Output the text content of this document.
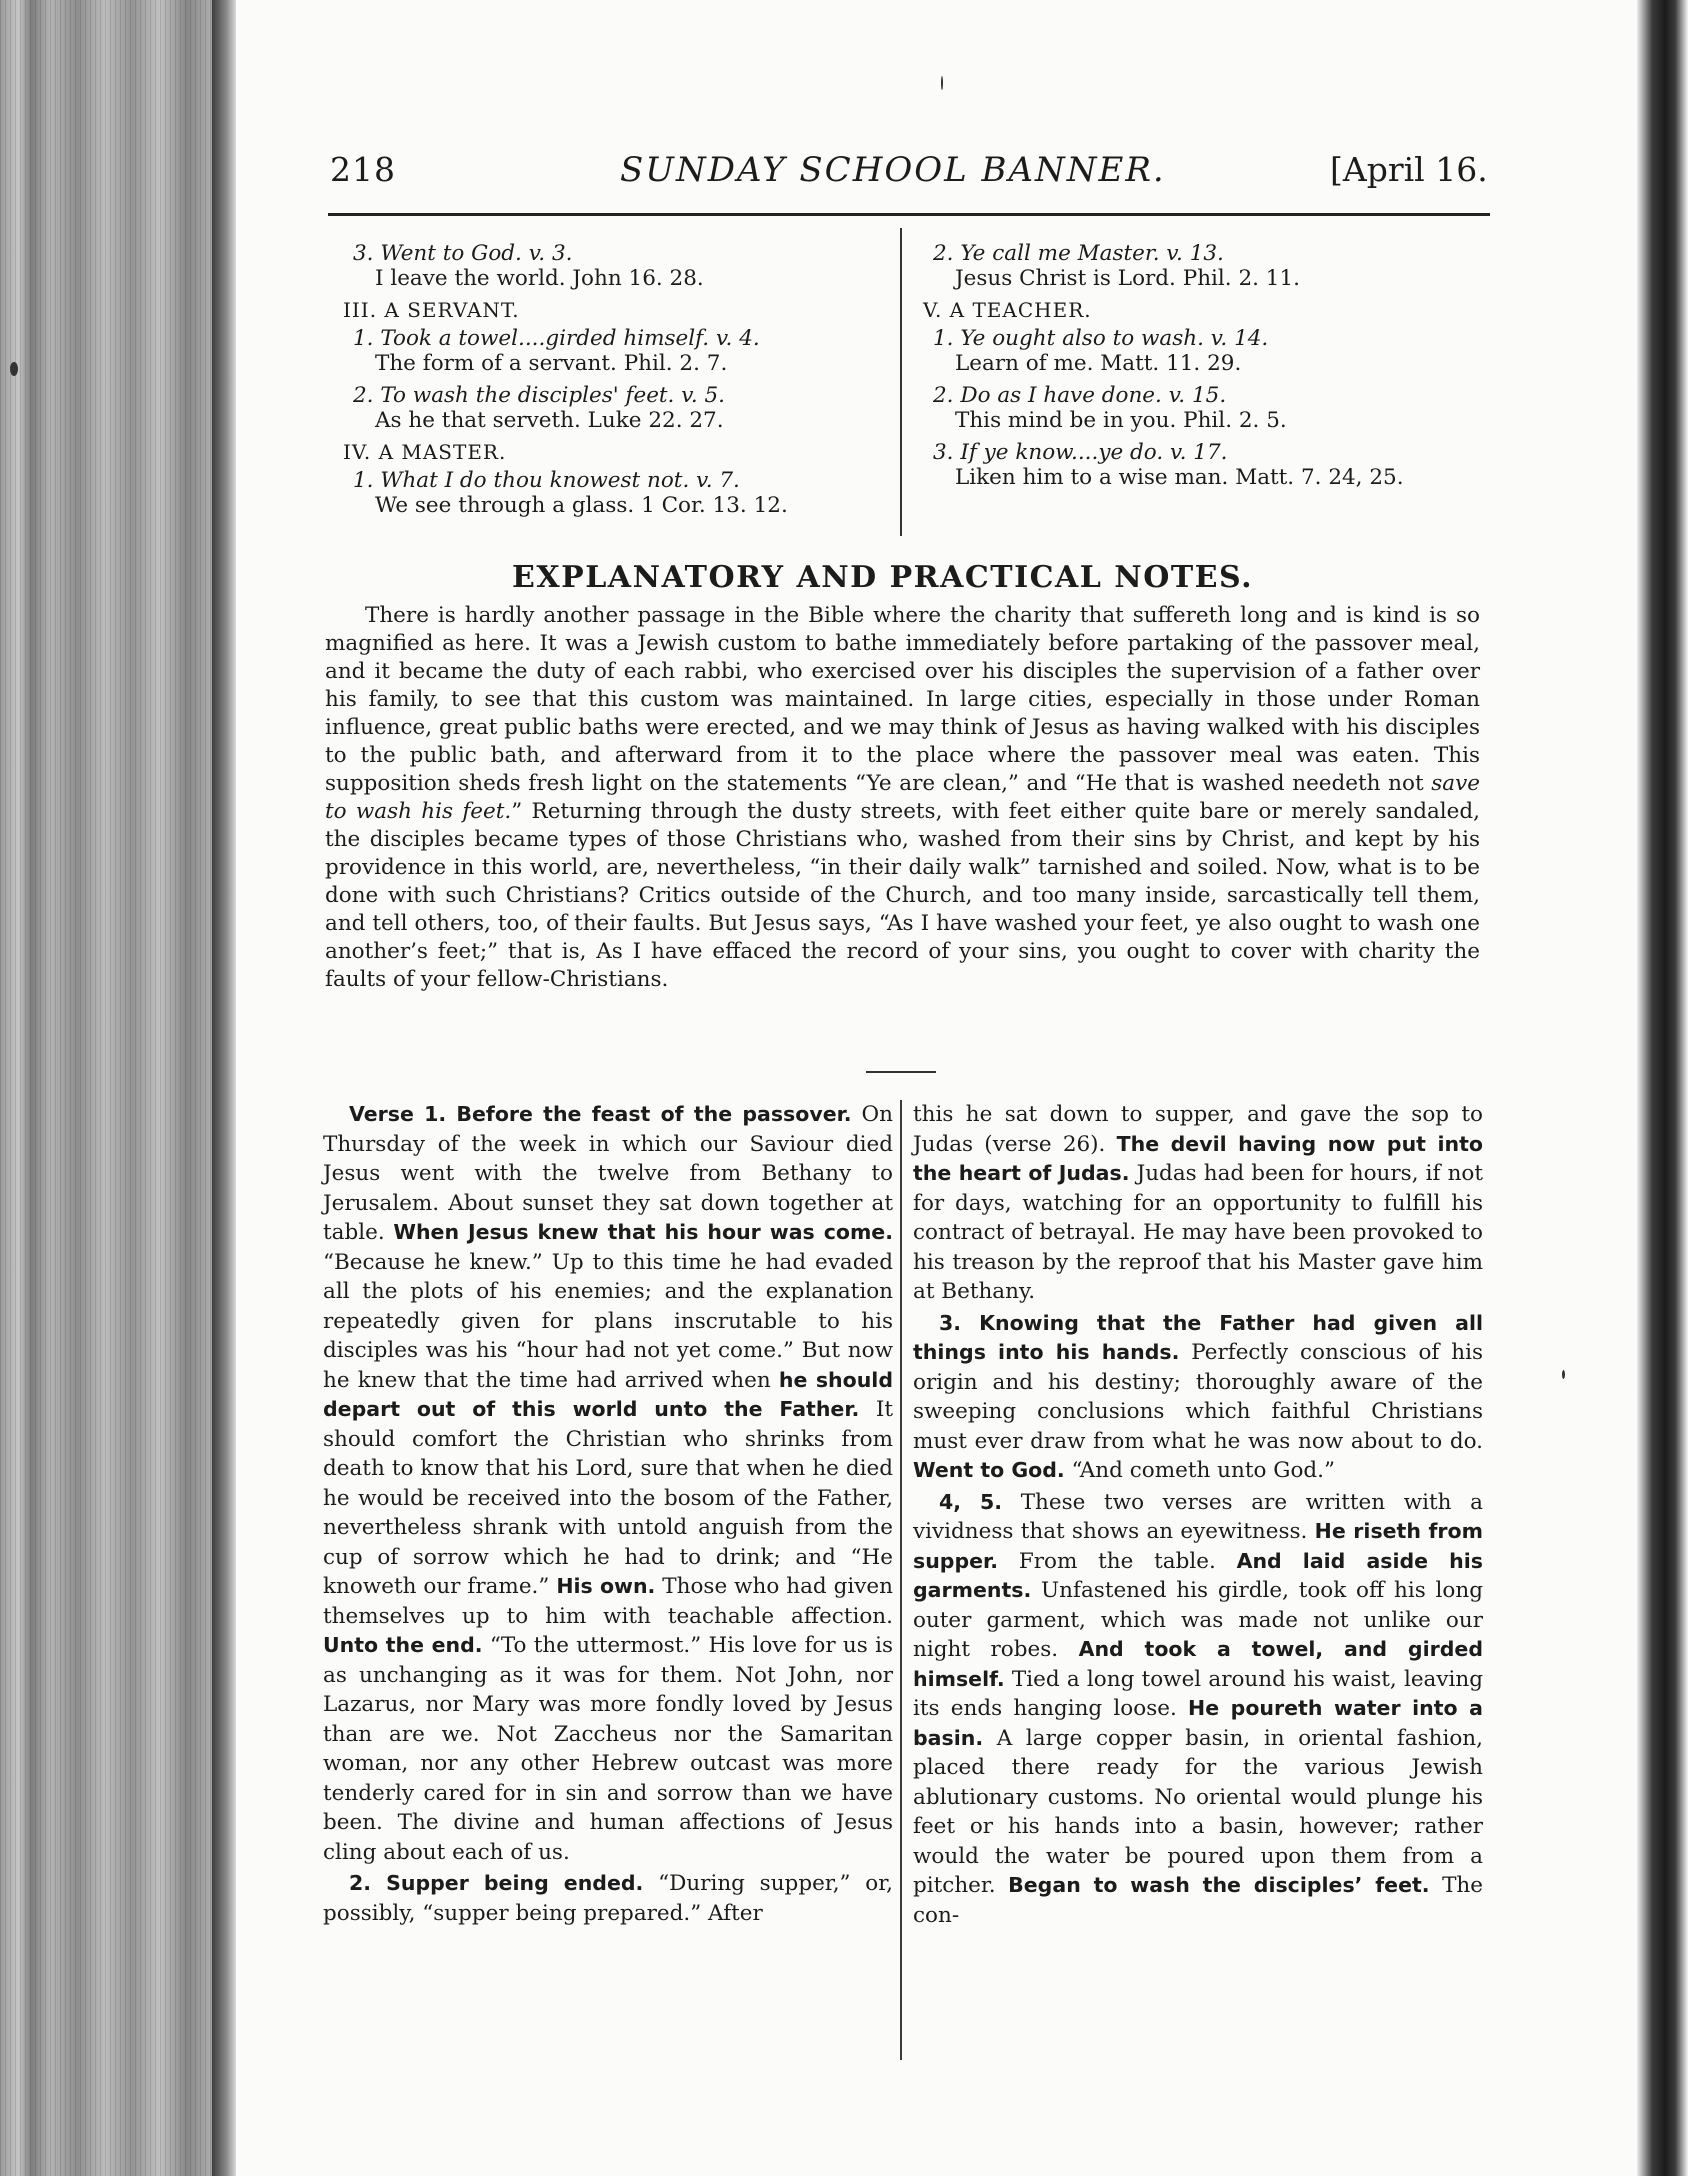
218	SUNDAY SCHOOL BANNER.	[April 16.
3. Went to God. v. 3.
I leave the world. John 16. 28.
III. A SERVANT.
1. Took a towel....girded himself. v. 4.
The form of a servant. Phil. 2. 7.
2. To wash the disciples' feet. v. 5.
As he that serveth. Luke 22. 27.
IV. A MASTER.
1. What I do thou knowest not. v. 7.
We see through a glass. 1 Cor. 13. 12.
2. Ye call me Master. v. 13.
Jesus Christ is Lord. Phil. 2. 11.
V. A TEACHER.
1. Ye ought also to wash. v. 14.
Learn of me. Matt. 11. 29.
2. Do as I have done. v. 15.
This mind be in you. Phil. 2. 5.
3. If ye know....ye do. v. 17.
Liken him to a wise man. Matt. 7. 24, 25.
EXPLANATORY AND PRACTICAL NOTES.
There is hardly another passage in the Bible where the charity that suffereth long and is kind is so magnified as here. It was a Jewish custom to bathe immediately before partaking of the passover meal, and it became the duty of each rabbi, who exercised over his disciples the supervision of a father over his family, to see that this custom was maintained. In large cities, especially in those under Roman influence, great public baths were erected, and we may think of Jesus as having walked with his disciples to the public bath, and afterward from it to the place where the passover meal was eaten. This supposition sheds fresh light on the statements “Ye are clean,” and “He that is washed needeth not save to wash his feet.” Returning through the dusty streets, with feet either quite bare or merely sandaled, the disciples became types of those Christians who, washed from their sins by Christ, and kept by his providence in this world, are, nevertheless, “in their daily walk” tarnished and soiled. Now, what is to be done with such Christians? Critics outside of the Church, and too many inside, sarcastically tell them, and tell others, too, of their faults. But Jesus says, “As I have washed your feet, ye also ought to wash one another’s feet;” that is, As I have effaced the record of your sins, you ought to cover with charity the faults of your fellow-Christians.

Verse 1. Before the feast of the passover. On Thursday of the week in which our Saviour died Jesus went with the twelve from Bethany to Jerusalem. About sunset they sat down together at table. When Jesus knew that his hour was come. “Because he knew.” Up to this time he had evaded all the plots of his enemies; and the explanation repeatedly given for plans inscrutable to his disciples was his “hour had not yet come.” But now he knew that the time had arrived when he should depart out of this world unto the Father. It should comfort the Christian who shrinks from death to know that his Lord, sure that when he died he would be received into the bosom of the Father, nevertheless shrank with untold anguish from the cup of sorrow which he had to drink; and “He knoweth our frame.” His own. Those who had given themselves up to him with teachable affection. Unto the end. “To the uttermost.” His love for us is as unchanging as it was for them. Not John, nor Lazarus, nor Mary was more fondly loved by Jesus than are we. Not Zaccheus nor the Samaritan woman, nor any other Hebrew outcast was more tenderly cared for in sin and sorrow than we have been. The divine and human affections of Jesus cling about each of us.

2. Supper being ended. “During supper,” or, possibly, “supper being prepared.” After

this he sat down to supper, and gave the sop to Judas (verse 26). The devil having now put into the heart of Judas. Judas had been for hours, if not for days, watching for an opportunity to fulfill his contract of betrayal. He may have been provoked to his treason by the reproof that his Master gave him at Bethany.

3. Knowing that the Father had given all things into his hands. Perfectly conscious of his origin and his destiny; thoroughly aware of the sweeping conclusions which faithful Christians must ever draw from what he was now about to do. Went to God. “And cometh unto God.”

4, 5. These two verses are written with a vividness that shows an eyewitness. He riseth from supper. From the table. And laid aside his garments. Unfastened his girdle, took off his long outer garment, which was made not unlike our night robes. And took a towel, and girded himself. Tied a long towel around his waist, leaving its ends hanging loose. He poureth water into a basin. A large copper basin, in oriental fashion, placed there ready for the various Jewish ablutionary customs. No oriental would plunge his feet or his hands into a basin, however; rather would the water be poured upon them from a pitcher. Began to wash the disciples’ feet. The con-
